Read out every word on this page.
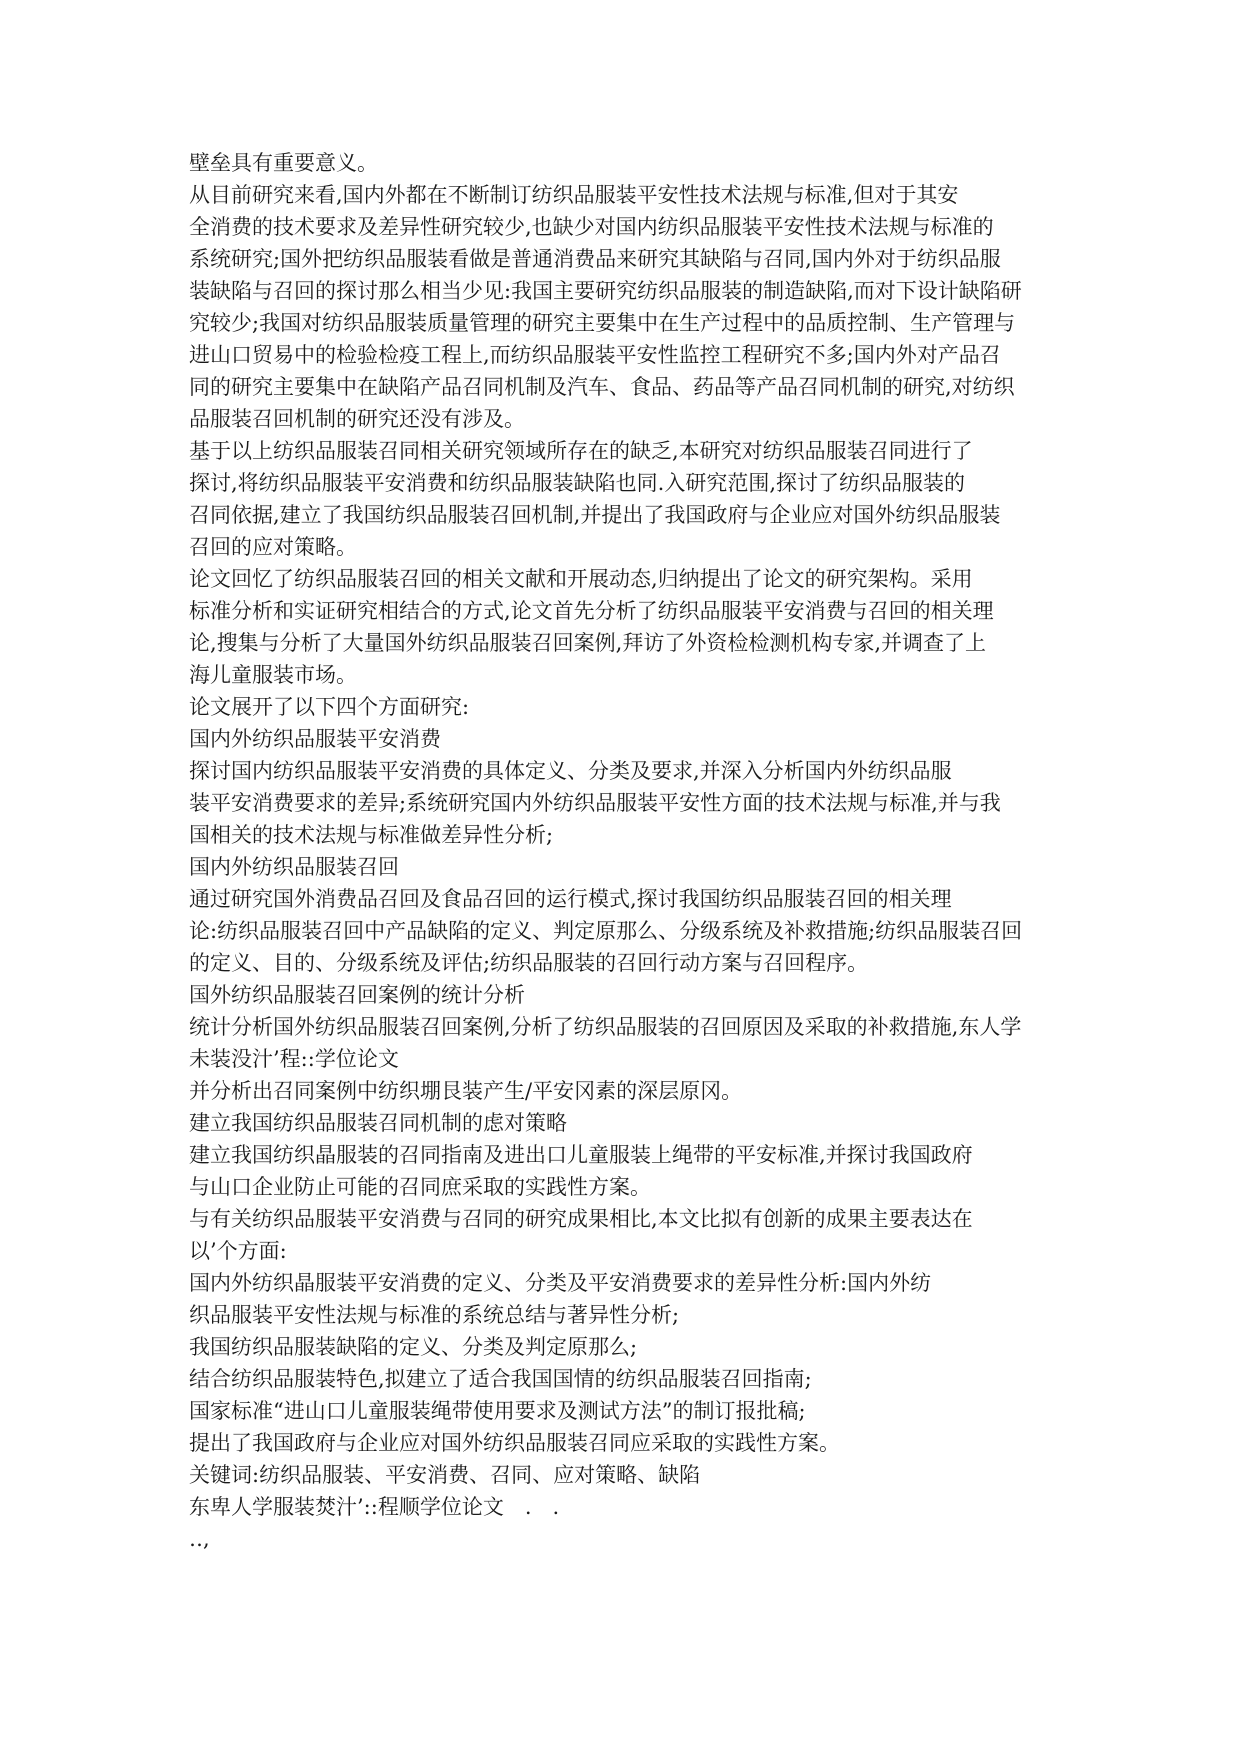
壁垒具有重要意义。

从目前研究来看,国内外都在不断制订纺织品服装平安性技术法规与标准,但对于其安

全消费的技术要求及差异性研究较少,也缺少对国内纺织品服装平安性技术法规与标准的

系统研究;国外把纺织品服装看做是普通消费品来研究其缺陷与召同,国内外对于纺织品服

装缺陷与召回的探讨那么相当少见:我国主要研究纺织品服装的制造缺陷,而对下设计缺陷研

究较少;我国对纺织品服装质量管理的研究主要集中在生产过程中的品质控制、生产管理与

进山口贸易中的检验检疫工程上,而纺织品服装平安性监控工程研究不多;国内外对产品召

同的研究主要集中在缺陷产品召同机制及汽车、食品、药品等产品召同机制的研究,对纺织

品服装召回机制的研究还没有涉及。

基于以上纺织品服装召同相关研究领域所存在的缺乏,本研究对纺织品服装召同进行了

探讨,将纺织品服装平安消费和纺织品服装缺陷也同.入研究范围,探讨了纺织品服装的

召同依据,建立了我国纺织品服装召回机制,并提出了我国政府与企业应对国外纺织品服装

召回的应对策略。

论文回忆了纺织品服装召回的相关文献和开展动态,归纳提出了论文的研究架构。采用

标准分析和实证研究相结合的方式,论文首先分析了纺织品服装平安消费与召回的相关理

论,搜集与分析了大量国外纺织品服装召回案例,拜访了外资检检测机构专家,并调查了上

海儿童服装市场。

论文展开了以下四个方面研究:

国内外纺织品服装平安消费

探讨国内纺织品服装平安消费的具体定义、分类及要求,并深入分析国内外纺织品服

装平安消费要求的差异;系统研究国内外纺织品服装平安性方面的技术法规与标准,并与我

国相关的技术法规与标准做差异性分析;

国内外纺织品服装召回

通过研究国外消费品召回及食品召回的运行模式,探讨我国纺织品服装召回的相关理

论:纺织品服装召回中产品缺陷的定义、判定原那么、分级系统及补救措施;纺织品服装召回

的定义、目的、分级系统及评估;纺织品服装的召回行动方案与召回程序。

国外纺织品服装召回案例的统计分析

统计分析国外纺织品服装召回案例,分析了纺织品服装的召回原因及采取的补救措施,东人学

未装没汁’程::学位论文

并分析出召同案例中纺织堋艮装产生/平安冈素的深层原冈。

建立我国纺织品服装召同机制的虑对策略

建立我国纺织晶服装的召同指南及进出口儿童服装上绳带的平安标准,并探讨我国政府

与山口企业防止可能的召同庶采取的实践性方案。

与有关纺织品服装平安消费与召同的研究成果相比,本文比拟有创新的成果主要表达在

以’个方面:

国内外纺织晶服装平安消费的定义、分类及平安消费要求的差异性分析:国内外纺

织品服装平安性法规与标准的系统总结与著异性分析;

我国纺织品服装缺陷的定义、分类及判定原那么;

结合纺织品服装特色,拟建立了适合我国国情的纺织品服装召回指南;

国家标准“进山口儿童服装绳带使用要求及测试方法”的制订报批稿;

提出了我国政府与企业应对国外纺织品服装召同应采取的实践性方案。

关键词:纺织品服装、平安消费、召同、应对策略、缺陷

东卑人学服装焚汁’::程顺学位论文　.　.

‥,
